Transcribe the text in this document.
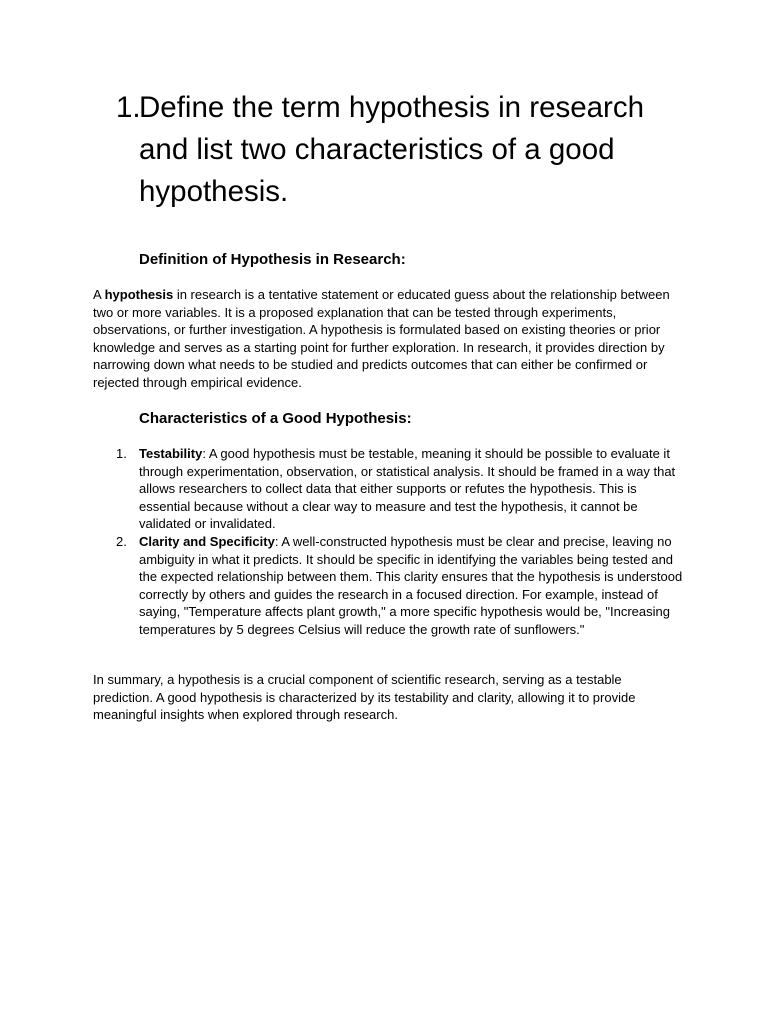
1.
Define the term hypothesis in research and list two characteristics of a good hypothesis.
Definition of Hypothesis in Research:

A hypothesis in research is a tentative statement or educated guess about the relationship between two or more variables. It is a proposed explanation that can be tested through experiments, observations, or further investigation. A hypothesis is formulated based on existing theories or prior knowledge and serves as a starting point for further exploration. In research, it provides direction by narrowing down what needs to be studied and predicts outcomes that can either be confirmed or rejected through empirical evidence.

Characteristics of a Good Hypothesis:
1. Testability: A good hypothesis must be testable, meaning it should be possible to evaluate it through experimentation, observation, or statistical analysis. It should be framed in a way that allows researchers to collect data that either supports or refutes the hypothesis. This is essential because without a clear way to measure and test the hypothesis, it cannot be validated or invalidated.
2. Clarity and Specificity: A well-constructed hypothesis must be clear and precise, leaving no ambiguity in what it predicts. It should be specific in identifying the variables being tested and the expected relationship between them. This clarity ensures that the hypothesis is understood correctly by others and guides the research in a focused direction. For example, instead of saying, "Temperature affects plant growth," a more specific hypothesis would be, "Increasing temperatures by 5 degrees Celsius will reduce the growth rate of sunflowers."

In summary, a hypothesis is a crucial component of scientific research, serving as a testable prediction. A good hypothesis is characterized by its testability and clarity, allowing it to provide meaningful insights when explored through research.
